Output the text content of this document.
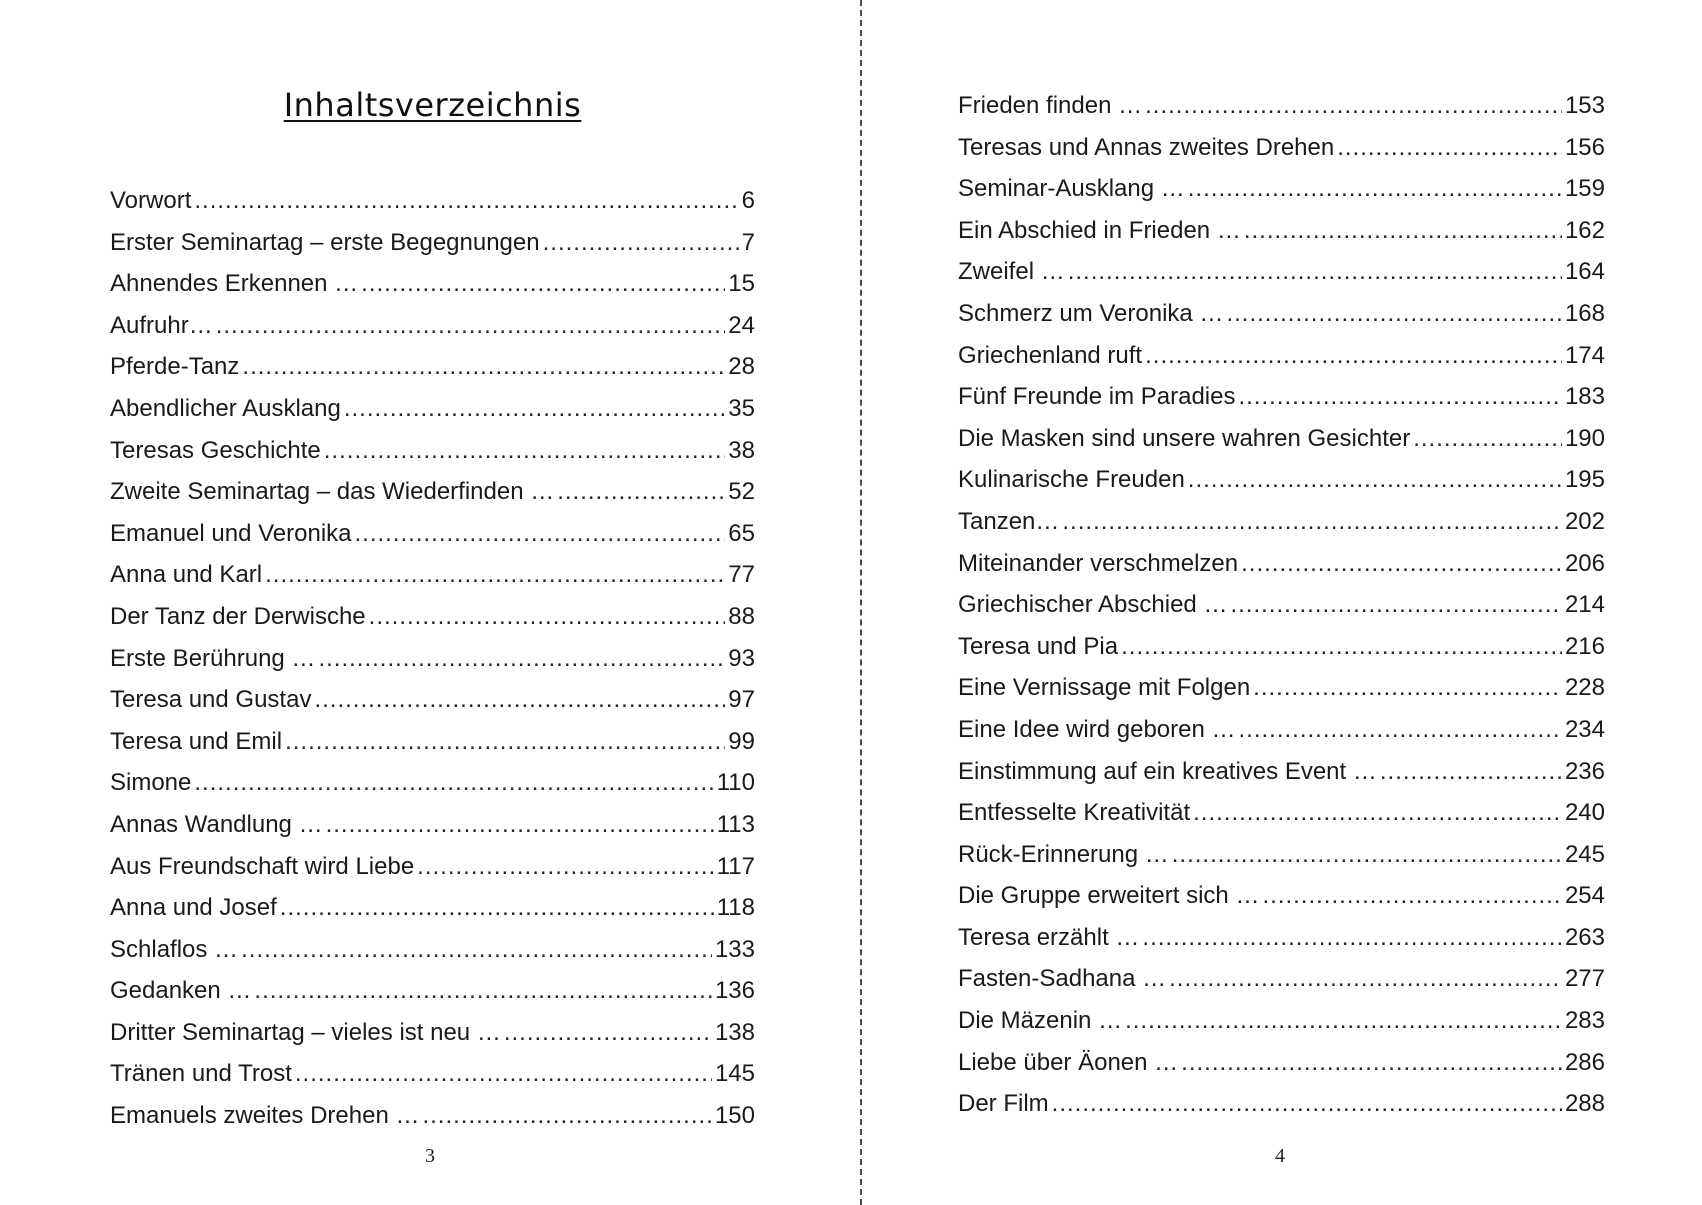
Inhaltsverzeichnis
Vorwort .....	6
Erster Seminartag – erste Begegnungen .....	7
Ahnendes Erkennen … .....	15
Aufruhr… .....	24
Pferde-Tanz .....	28
Abendlicher Ausklang .....	35
Teresas Geschichte .....	38
Zweite Seminartag – das Wiederfinden … .....	52
Emanuel und Veronika .....	65
Anna und Karl .....	77
Der Tanz der Derwische .....	88
Erste Berührung … .....	93
Teresa und Gustav .....	97
Teresa und Emil .....	99
Simone .....	110
Annas Wandlung … .....	113
Aus Freundschaft wird Liebe .....	117
Anna und Josef .....	118
Schlaflos … .....	133
Gedanken … .....	136
Dritter Seminartag – vieles ist neu … .....	138
Tränen und Trost .....	145
Emanuels zweites Drehen … .....	150
3
Frieden finden … .....	153
Teresas und Annas zweites Drehen .....	156
Seminar-Ausklang … .....	159
Ein Abschied in Frieden … .....	162
Zweifel … .....	164
Schmerz um Veronika … .....	168
Griechenland ruft .....	174
Fünf Freunde im Paradies .....	183
Die Masken sind unsere wahren Gesichter .....	190
Kulinarische Freuden .....	195
Tanzen… .....	202
Miteinander verschmelzen .....	206
Griechischer Abschied … .....	214
Teresa und Pia .....	216
Eine Vernissage mit Folgen .....	228
Eine Idee wird geboren … .....	234
Einstimmung auf ein kreatives Event … .....	236
Entfesselte Kreativität .....	240
Rück-Erinnerung … .....	245
Die Gruppe erweitert sich … .....	254
Teresa erzählt … .....	263
Fasten-Sadhana … .....	277
Die Mäzenin … .....	283
Liebe über Äonen … .....	286
Der Film .....	288
4
